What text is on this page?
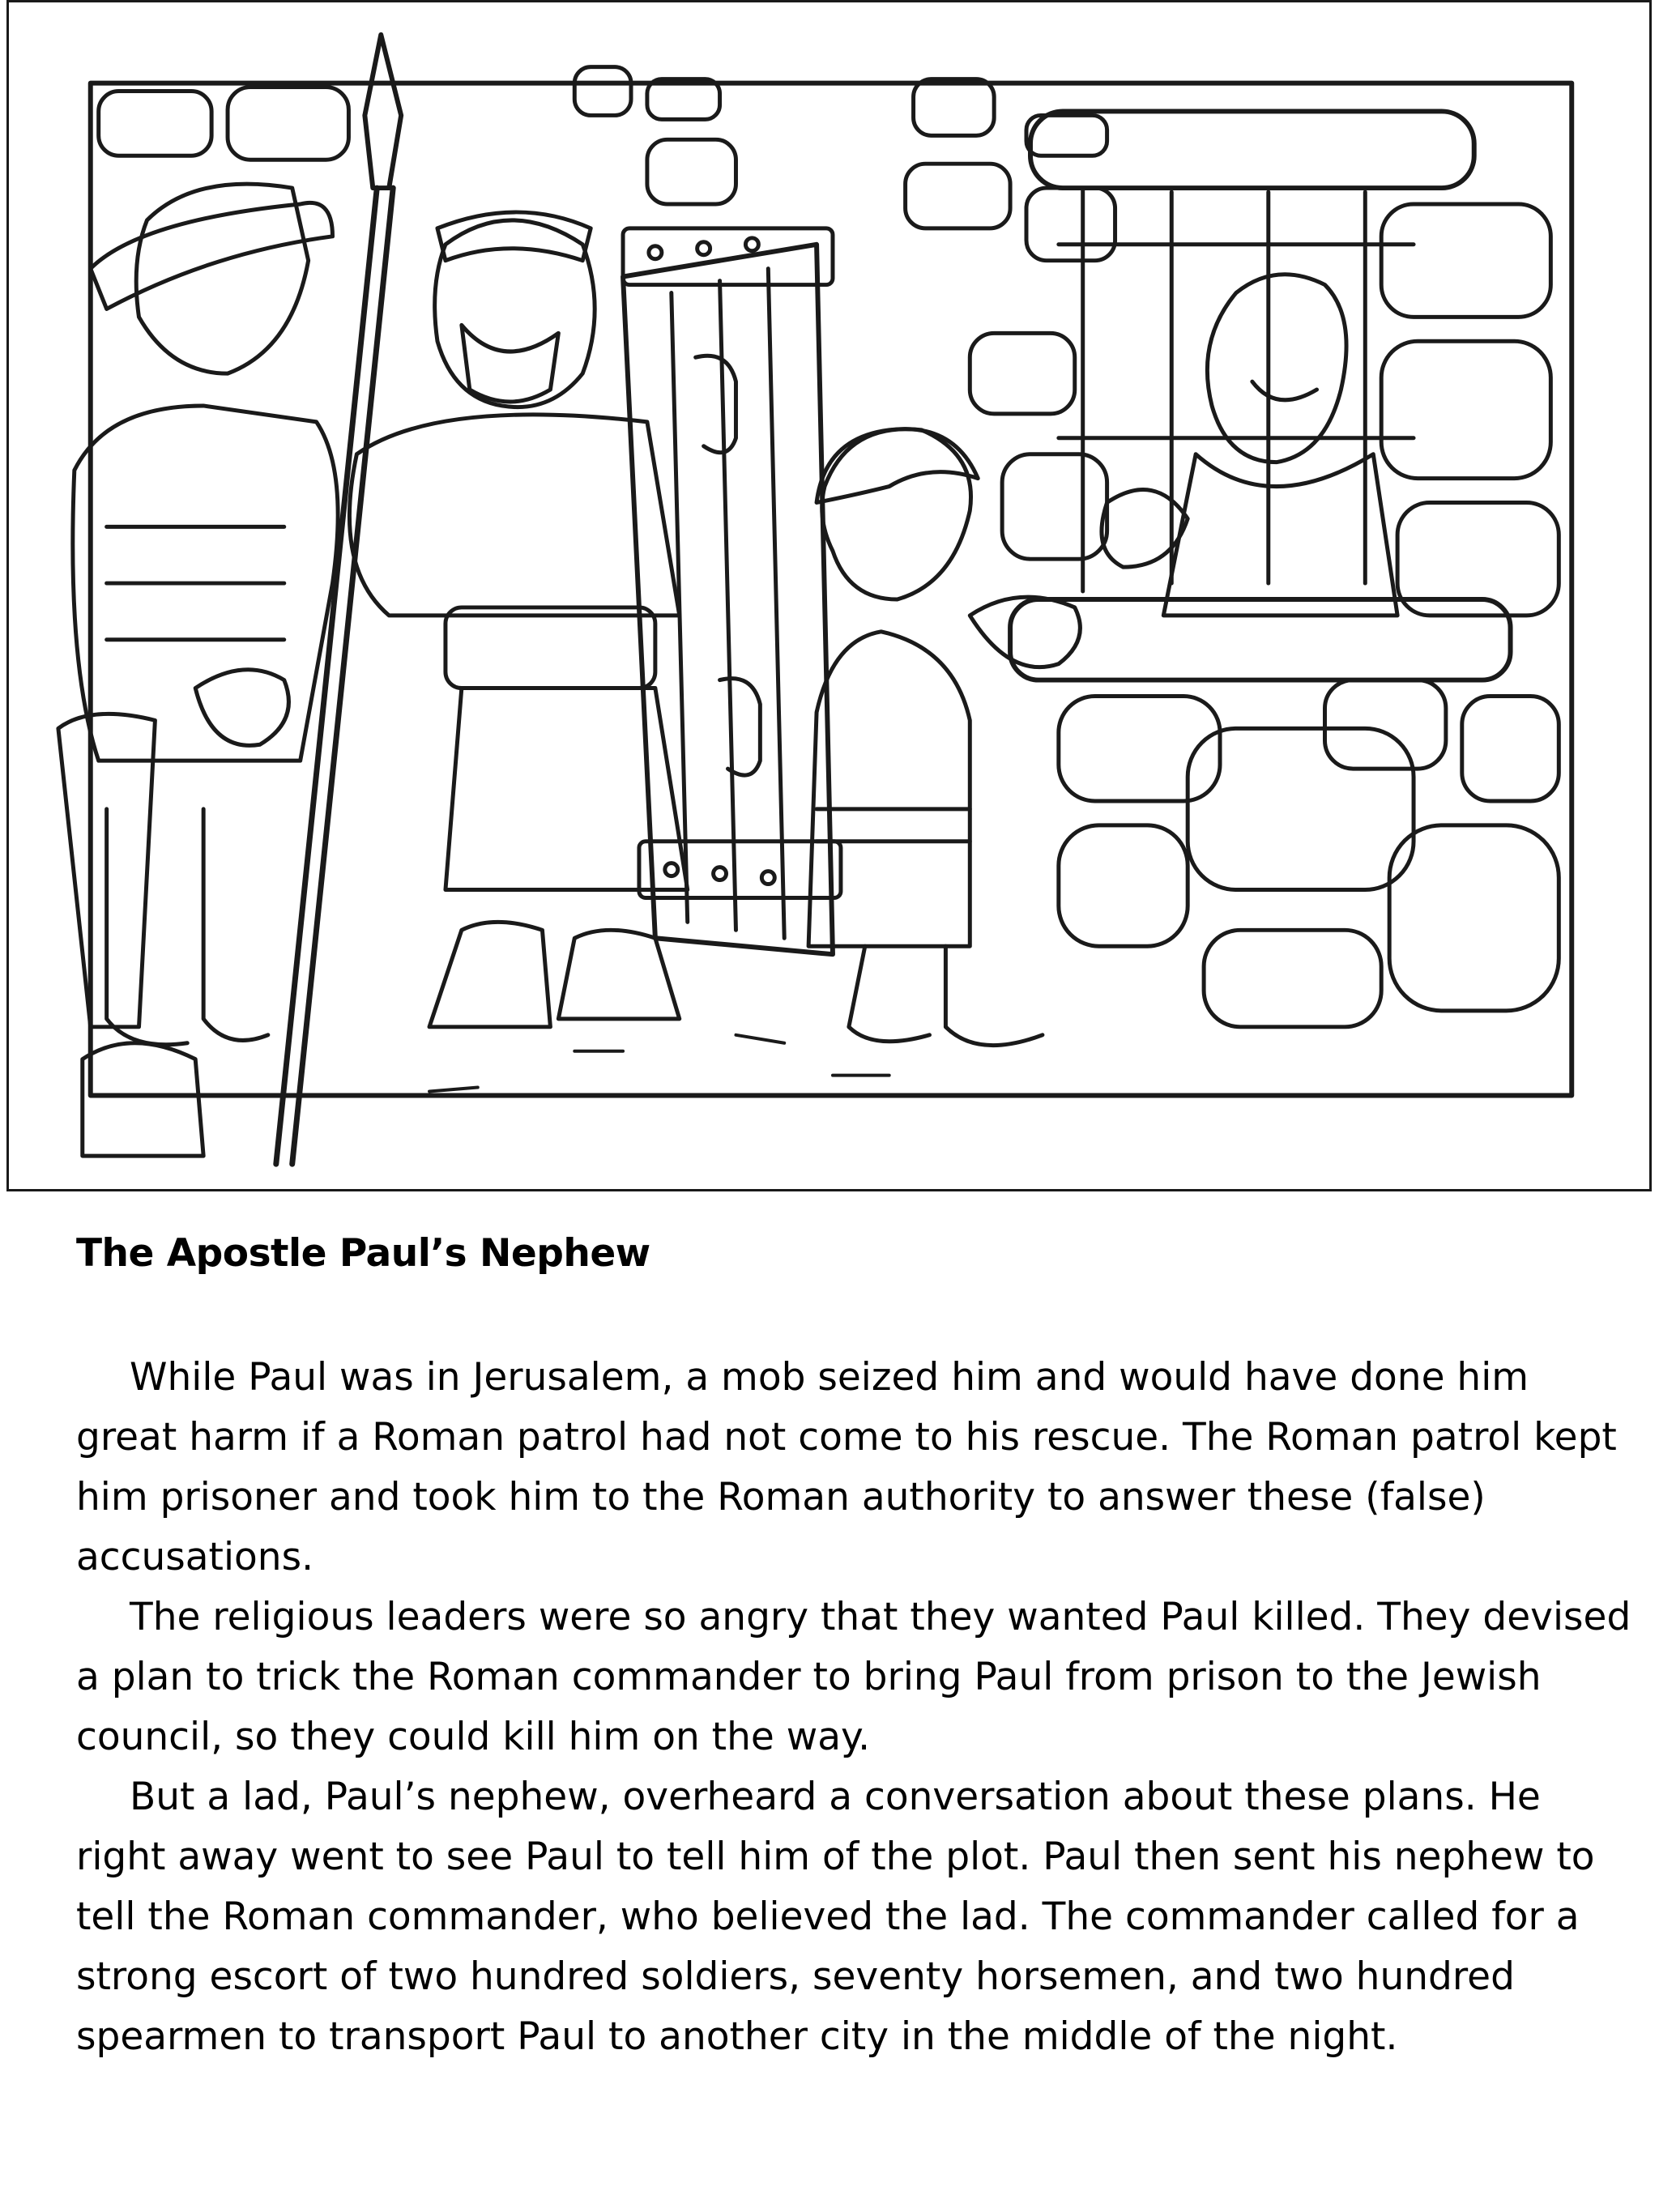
The Apostle Paul’s Nephew

While Paul was in Jerusalem, a mob seized him and would have done him great harm if a Roman patrol had not come to his rescue. The Roman patrol kept him prisoner and took him to the Roman authority to answer these (false) accusations.

The religious leaders were so angry that they wanted Paul killed. They devised a plan to trick the Roman commander to bring Paul from prison to the Jewish council, so they could kill him on the way.

But a lad, Paul’s nephew, overheard a conversation about these plans. He right away went to see Paul to tell him of the plot. Paul then sent his nephew to tell the Roman commander, who believed the lad. The commander called for a strong escort of two hundred soldiers, seventy horsemen, and two hundred spearmen to transport Paul to another city in the middle of the night.
